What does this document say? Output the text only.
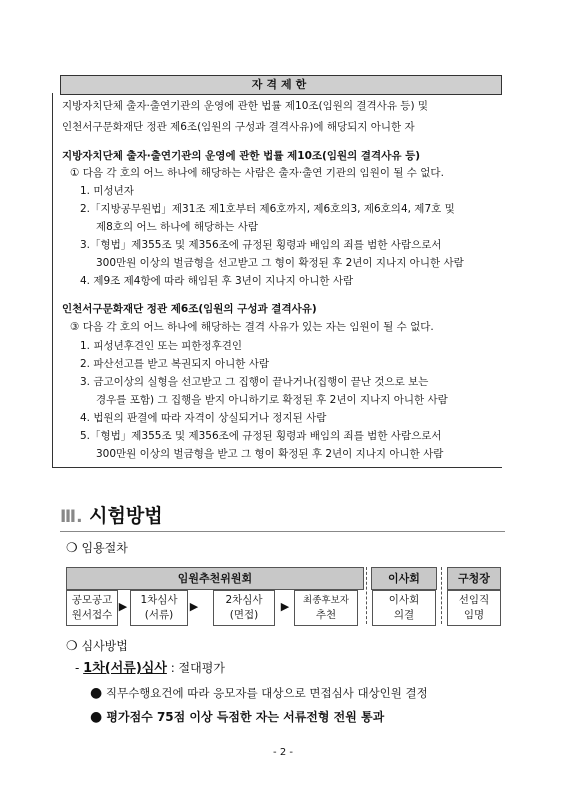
자격제한
지방자치단체 출자·출연기관의 운영에 관한 법률 제10조(임원의 결격사유 등) 및
인천서구문화재단 정관 제6조(임원의 구성과 결격사유)에 해당되지 아니한 자
지방자치단체 출자·출연기관의 운영에 관한 법률 제10조(임원의 결격사유 등)
① 다음 각 호의 어느 하나에 해당하는 사람은 출자·출연 기관의 임원이 될 수 없다.
1. 미성년자
2.「지방공무원법」제31조 제1호부터 제6호까지, 제6호의3, 제6호의4, 제7호 및
제8호의 어느 하나에 해당하는 사람
3.「형법」제355조 및 제356조에 규정된 횡령과 배임의 죄를 범한 사람으로서
300만원 이상의 벌금형을 선고받고 그 형이 확정된 후 2년이 지나지 아니한 사람
4. 제9조 제4항에 따라 해임된 후 3년이 지나지 아니한 사람
인천서구문화재단 정관 제6조(임원의 구성과 결격사유)
③ 다음 각 호의 어느 하나에 해당하는 결격 사유가 있는 자는 임원이 될 수 없다.
1. 피성년후견인 또는 피한정후견인
2. 파산선고를 받고 복권되지 아니한 사람
3. 금고이상의 실형을 선고받고 그 집행이 끝나거나(집행이 끝난 것으로 보는
경우를 포함) 그 집행을 받지 아니하기로 확정된 후 2년이 지나지 아니한 사람
4. 법원의 판결에 따라 자격이 상실되거나 정지된 사람
5.「형법」제355조 및 제356조에 규정된 횡령과 배임의 죄를 범한 사람으로서
300만원 이상의 벌금형을 받고 그 형이 확정된 후 2년이 지나지 아니한 사람
Ⅲ. 시험방법
❍ 임용절차
임원추천위원회	이사회	구청장
공모공고
원서접수
▶ 1차심사
(서류)
▶	2차심사
(면접)
▶ 최종후보자
추천
이사회
의결
선임직
임명
❍ 심사방법
- 1차(서류)심사 : 절대평가
● 직무수행요건에 따라 응모자를 대상으로 면접심사 대상인원 결정
● 평가점수 75점 이상 득점한 자는 서류전형 전원 통과
- 2 -
